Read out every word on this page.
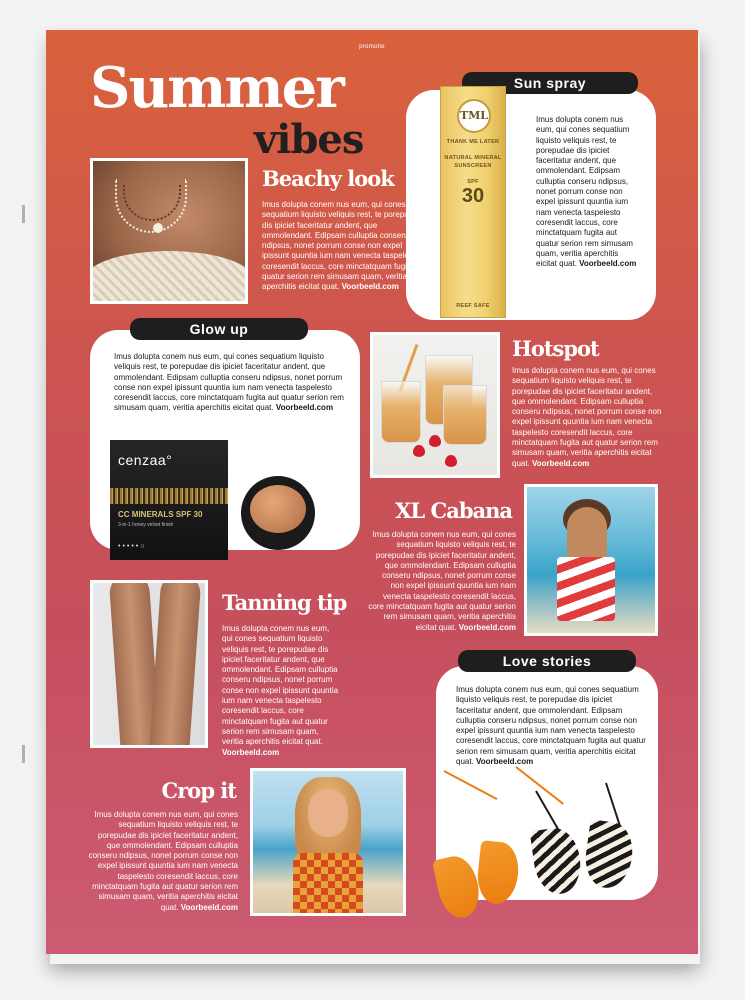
promotie
Summer
vibes
Sun spray
Imus dolupta conem nus eum, qui cones sequatium liquisto veliquis rest, te porepudae dis ipiciet faceritatur andent, que ommolendant. Edipsam culluptia conseru ndipsus, nonet porrum conse non expel ipissunt quuntia ium nam venecta taspelesto coresendit laccus, core minctatquam fugita aut quatur serion rem simusam quam, veritia aperchitis eicitat quat. Voorbeeld.com
TML
THANK ME LATER
NATURAL MINERAL
SUNSCREEN
SPF
30
REEF SAFE
Beachy look
Imus dolupta conem nus eum, qui cones sequatium liquisto veliquis rest, te porepudae dis ipiciet faceritatur andent, que ommolendant. Edipsam culluptia conseru ndipsus, nonet porrum conse non expel ipissunt quuntia ium nam venecta taspelesto coresendit laccus, core minctatquam fugita aut quatur serion rem simusam quam, veritia aperchitis eicitat quat. Voorbeeld.com
Glow up
Imus dolupta conem nus eum, qui cones sequatium liquisto veliquis rest, te porepudae dis ipiciet faceritatur andent, que ommolendant. Edipsam culluptia conseru ndipsus, nonet porrum conse non expel ipissunt quuntia ium nam venecta taspelesto coresendit laccus, core minctatquam fugita aut quatur serion rem simusam quam, veritia aperchitis eicitat quat. Voorbeeld.com
cenzaa°
CC MINERALS SPF 30
3-in-1 honey velvet finish
•••••○
Hotspot
Imus dolupta conem nus eum, qui cones sequatium liquisto veliquis rest, te porepudae dis ipiciet faceritatur andent, que ommolendant. Edipsam culluptia conseru ndipsus, nonet porrum conse non expel ipissunt quuntia ium nam venecta taspelesto coresendit laccus, core minctatquam fugita aut quatur serion rem simusam quam, veritia aperchitis eicitat quat. Voorbeeld.com
XL Cabana
Imus dolupta conem nus eum, qui cones sequatium liquisto veliquis rest, te porepudae dis ipiciet faceritatur andent, que ommolendant. Edipsam culluptia conseru ndipsus, nonet porrum conse non expel ipissunt quuntia ium nam venecta taspelesto coresendit laccus, core minctatquam fugita aut quatur serion rem simusam quam, veritia aperchitis eicitat quat. Voorbeeld.com
Tanning tip
Imus dolupta conem nus eum, qui cones sequatium liquisto veliquis rest, te porepudae dis ipiciet faceritatur andent, que ommolendant. Edipsam culluptia conseru ndipsus, nonet porrum conse non expel ipissunt quuntia ium nam venecta taspelesto coresendit laccus, core minctatquam fugita aut quatur serion rem simusam quam, veritia aperchitis eicitat quat. Voorbeeld.com
Love stories
Imus dolupta conem nus eum, qui cones sequatium liquisto veliquis rest, te porepudae dis ipiciet faceritatur andent, que ommolendant. Edipsam culluptia conseru ndipsus, nonet porrum conse non expel ipissunt quuntia ium nam venecta taspelesto coresendit laccus, core minctatquam fugita aut quatur serion rem simusam quam, veritia aperchitis eicitat quat. Voorbeeld.com
Crop it
Imus dolupta conem nus eum, qui cones sequatium liquisto veliquis rest, te porepudae dis ipiciet faceritatur andent, que ommolendant. Edipsam culluptia conseru ndipsus, nonet porrum conse non expel ipissunt quuntia ium nam venecta taspelesto coresendit laccus, core minctatquam fugita aut quatur serion rem simusam quam, veritia aperchitis eicitat quat. Voorbeeld.com
